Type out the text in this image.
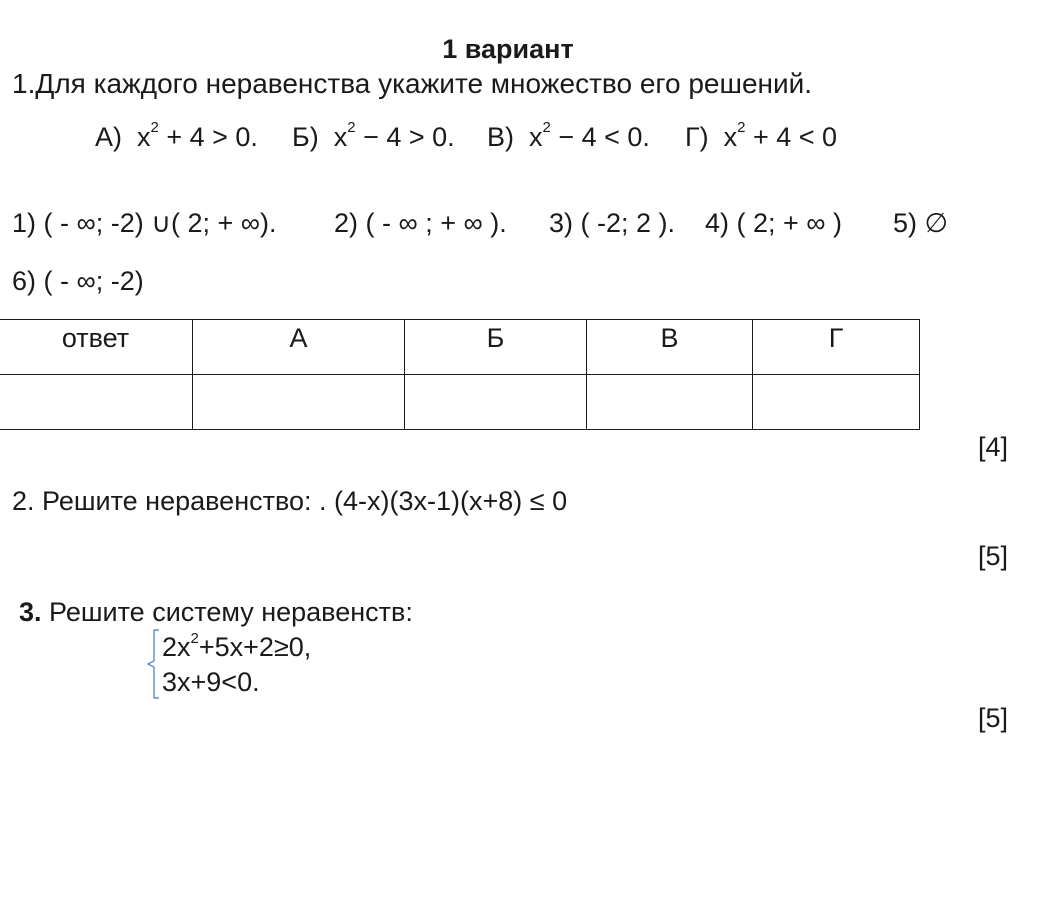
1 вариант
1.Для каждого неравенства укажите множество его решений.
А) $x^2 + 4 > 0$. Б) $x^2 - 4 > 0$. В) $x^2 - 4 < 0$. Г) $x^2 + 4 < 0$
1) ( - ∞; -2) ∪( 2; + ∞). 2) ( - ∞ ; + ∞ ). 3) ( -2; 2 ). 4) ( 2; + ∞ ) 5) ∅
6) ( - ∞; -2)
ответ	А	Б	В	Г

[4]
2. Решите неравенство: . (4-x)(3x-1)(x+8) ≤ 0
[5]
3. Решите систему неравенств:
$2x^2+5x+2\ge 0$,
3x+9<0.
[5]
